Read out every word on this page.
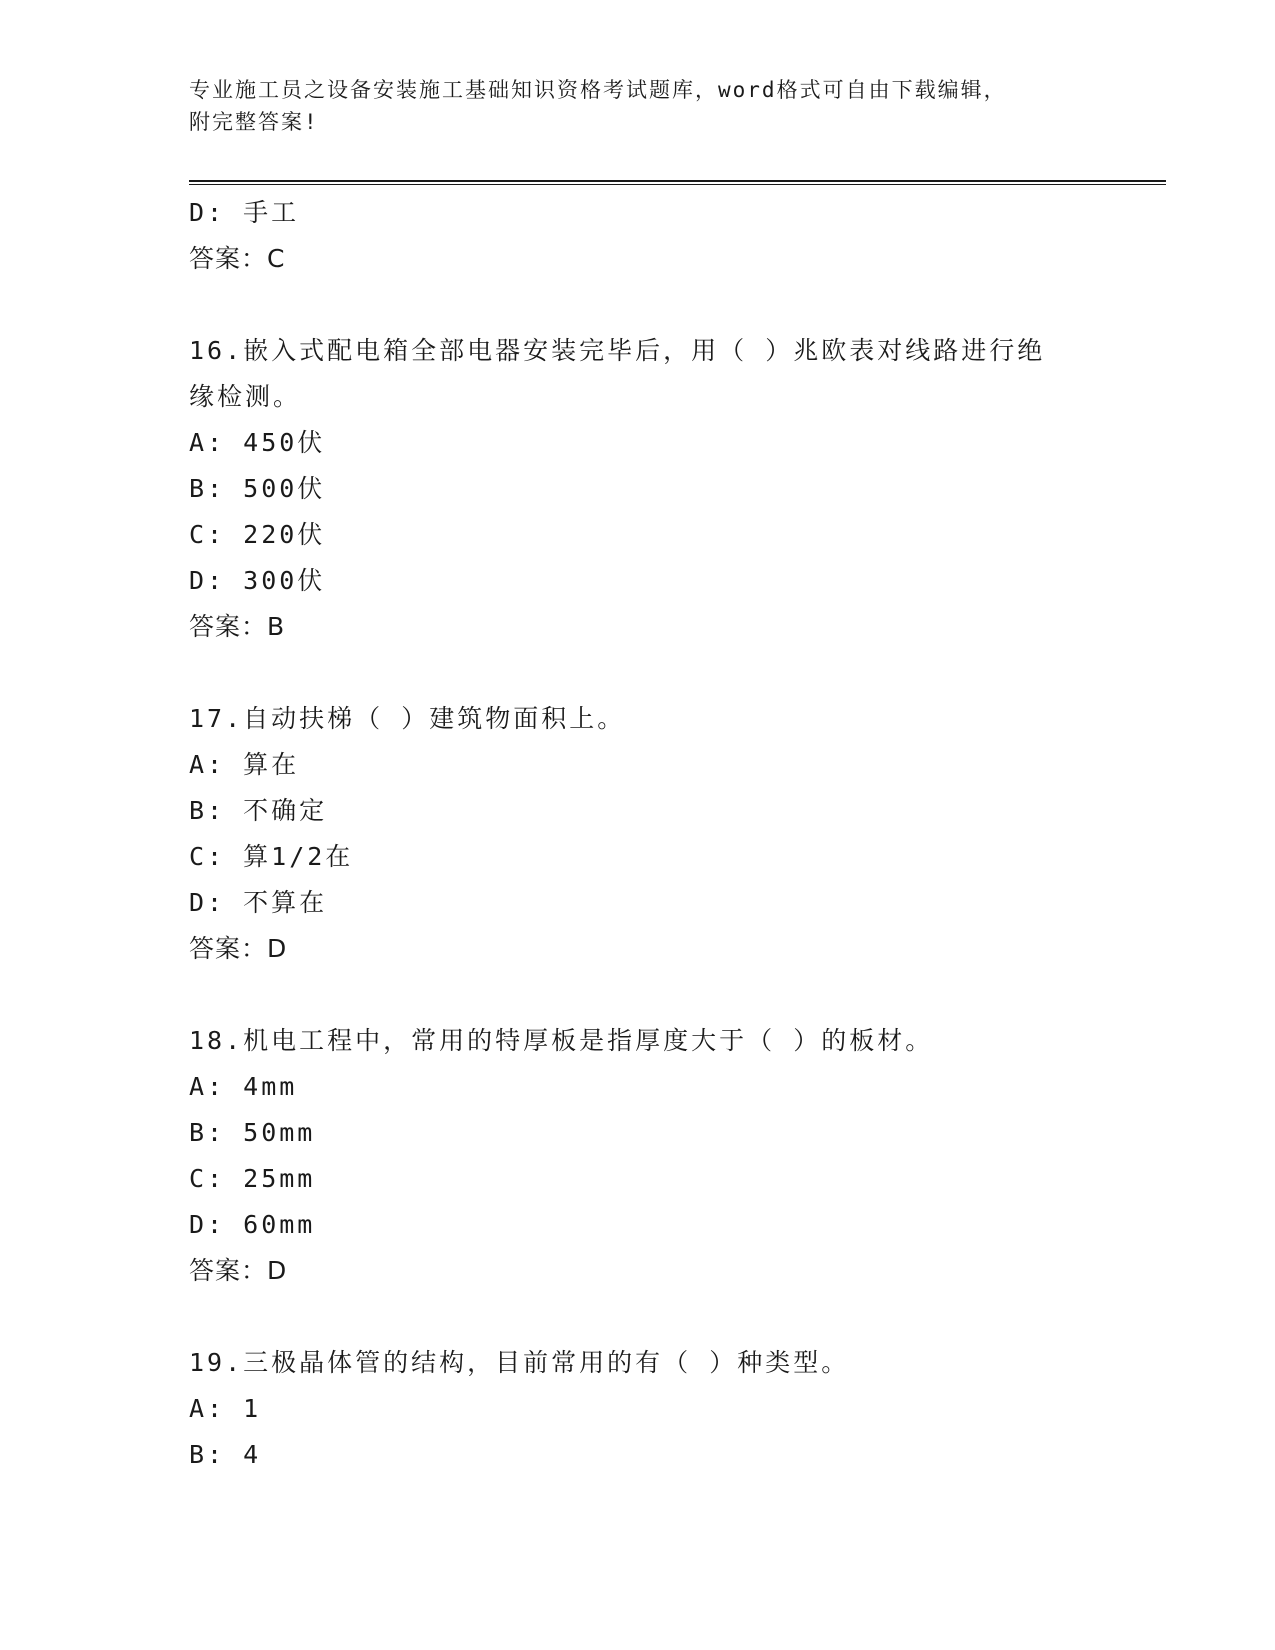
专业施工员之设备安装施工基础知识资格考试题库，word格式可自由下载编辑，
附完整答案!
D: 手工
答案：C
16.嵌入式配电箱全部电器安装完毕后，用（ ）兆欧表对线路进行绝缘检测。
A: 450伏
B: 500伏
C: 220伏
D: 300伏
答案：B
17.自动扶梯（ ）建筑物面积上。
A: 算在
B: 不确定
C: 算1/2在
D: 不算在
答案：D
18.机电工程中，常用的特厚板是指厚度大于（ ）的板材。
A: 4mm
B: 50mm
C: 25mm
D: 60mm
答案：D
19.三极晶体管的结构，目前常用的有（ ）种类型。
A: 1
B: 4
